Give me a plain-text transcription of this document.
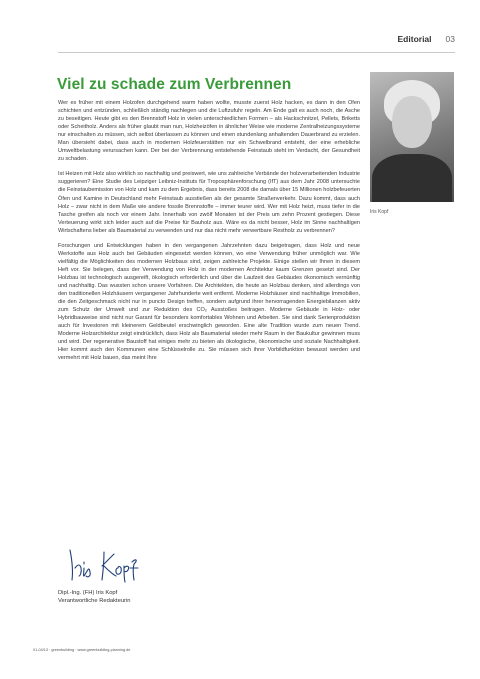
Editorial 03
Viel zu schade zum Verbrennen
Iris Kopf

Wer es früher mit einem Holzofen durchgehend warm haben wollte, musste zuerst Holz hacken, es dann in den Ofen schichten und entzünden, schließlich ständig nachlegen und die Luftzufuhr regeln. Am Ende galt es auch noch, die Asche zu beseitigen. Heute gibt es den Brennstoff Holz in vielen unterschiedlichen Formen – als Hackschnitzel, Pellets, Briketts oder Scheitholz. Anders als früher glaubt man nun, Holzheizöfen in ähnlicher Weise wie moderne Zentralheizungssysteme nur einschalten zu müssen, sich selbst überlassen zu können und einen stundenlang anhaltenden Dauerbrand zu erzielen. Man übersieht dabei, dass auch in modernen Holzfeuerstätten nur ein Schwelbrand entsteht, der eine erhebliche Umweltbelastung verursachen kann. Der bei der Verbrennung entstehende Feinstaub steht im Verdacht, der Gesundheit zu schaden.

Ist Heizen mit Holz also wirklich so nachhaltig und preiswert, wie uns zahlreiche Verbände der holzverarbeitenden Industrie suggerieren? Eine Studie des Leipziger Leibniz-Instituts für Troposphärenforschung (IfT) aus dem Jahr 2008 untersuchte die Feinstaubemission von Holz und kam zu dem Ergebnis, dass bereits 2008 die damals über 15 Millionen holzbefeuerten Öfen und Kamine in Deutschland mehr Feinstaub ausstießen als der gesamte Straßenverkehr. Dazu kommt, dass auch Holz – zwar nicht in dem Maße wie andere fossile Brennstoffe – immer teurer wird. Wer mit Holz heizt, muss tiefer in die Tasche greifen als noch vor einem Jahr. Innerhalb von zwölf Monaten ist der Preis um zehn Prozent gestiegen. Diese Verteuerung wirkt sich leider auch auf die Preise für Bauholz aus. Wäre es da nicht besser, Holz im Sinne nachhaltigen Wirtschaftens lieber als Baumaterial zu verwenden und nur das nicht mehr verwertbare Restholz zu verbrennen?

Forschungen und Entwicklungen haben in den vergangenen Jahrzehnten dazu beigetragen, dass Holz und neue Werkstoffe aus Holz auch bei Gebäuden eingesetzt werden können, wo eine Verwendung früher unmöglich war. Wie vielfältig die Möglichkeiten des modernen Holzbaus sind, zeigen zahlreiche Projekte. Einige stellen wir Ihnen in diesem Heft vor. Sie belegen, dass der Verwendung von Holz in der modernen Architektur kaum Grenzen gesetzt sind. Der Holzbau ist technologisch ausgereift, ökologisch erforderlich und über die Laufzeit des Gebäudes ökonomisch vernünftig und nachhaltig. Das wussten schon unsere Vorfahren. Die Architekten, die heute an Holzbau denken, sind allerdings von den traditionellen Holzhäusern vergangener Jahrhunderte weit entfernt. Moderne Holzhäuser sind nachhaltige Immobilien, die den Zeitgeschmack nicht nur in puncto Design treffen, sondern aufgrund ihrer hervorragenden Energiebilanzen aktiv zum Schutz der Umwelt und zur Reduktion des CO₂ Ausstoßes beitragen. Moderne Gebäude in Holz- oder Hybridbauweise sind nicht nur Garant für besonders komfortables Wohnen und Arbeiten. Sie sind dank Serienproduktion auch für Investoren mit kleinerem Geldbeutel erschwinglich geworden. Eine alte Tradition wurde zum neuen Trend. Moderne Holzarchitektur zeigt eindrücklich, dass Holz als Baumaterial wieder mehr Raum in der Baukultur gewinnen muss und wird. Der regenerative Baustoff hat einiges mehr zu bieten als ökologische, ökonomische und soziale Nachhaltigkeit. Hier kommt auch den Kommunen eine Schlüsselrolle zu. Sie müssen sich ihrer Vorbildfunktion bewusst werden und vermehrt mit Holz bauen, das meint Ihre

Dipl.-Ing. (FH) Iris Kopf
Verantwortliche Redakteurin
01-04/13 · greenbuilding · www.greenbuilding-planning.de
